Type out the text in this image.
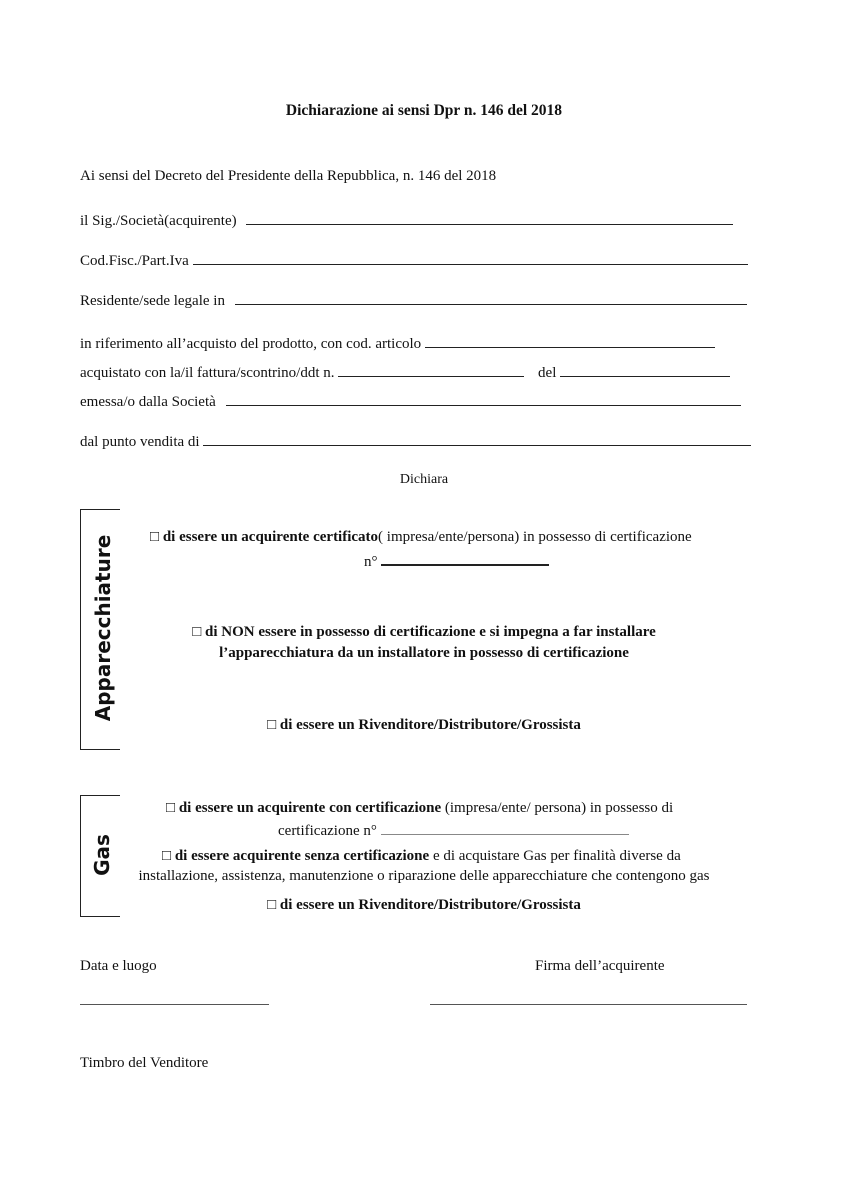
Dichiarazione ai sensi Dpr n. 146 del 2018
Ai sensi del Decreto del Presidente della Repubblica, n. 146 del 2018
il Sig./Società(acquirente)
Cod.Fisc./Part.Iva
Residente/sede legale in
in riferimento all’acquisto del prodotto, con cod. articolo
acquistato con la/il fattura/scontrino/ddt n.	del
emessa/o dalla Società
dal punto vendita di
Dichiara
Apparecchiature □ di essere un acquirente certificato( impresa/ente/persona) in possesso di certificazione
n°
□ di NON essere in possesso di certificazione e si impegna a far installare
l’apparecchiatura da un installatore in possesso di certificazione
□ di essere un Rivenditore/Distributore/Grossista
Gas
□ di essere un acquirente con certificazione (impresa/ente/ persona) in possesso di
certificazione n°
□ di essere acquirente senza certificazione e di acquistare Gas per finalità diverse da
installazione, assistenza, manutenzione o riparazione delle apparecchiature che contengono gas
□ di essere un Rivenditore/Distributore/Grossista
Data e luogo	Firma dell’acquirente
Timbro del Venditore
